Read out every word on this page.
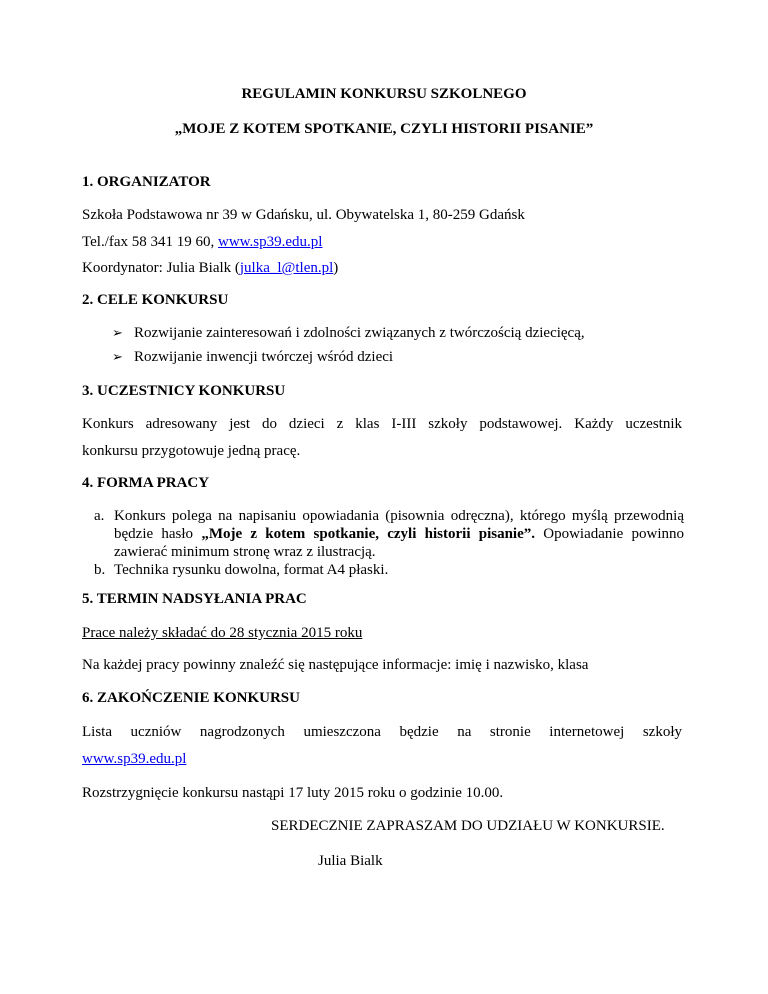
REGULAMIN KONKURSU SZKOLNEGO
„MOJE Z KOTEM SPOTKANIE, CZYLI HISTORII PISANIE”
1. ORGANIZATOR
Szkoła Podstawowa nr 39 w Gdańsku, ul. Obywatelska 1, 80-259 Gdańsk
Tel./fax 58 341 19 60, www.sp39.edu.pl
Koordynator: Julia Bialk (julka_l@tlen.pl)
2. CELE KONKURSU
➢ Rozwijanie zainteresowań i zdolności związanych z twórczością dziecięcą,
➢ Rozwijanie inwencji twórczej wśród dzieci
3. UCZESTNICY KONKURSU
Konkurs adresowany jest do dzieci z klas I-III szkoły podstawowej. Każdy uczestnik
konkursu przygotowuje jedną pracę.
4. FORMA PRACY
a. Konkurs polega na napisaniu opowiadania (pisownia odręczna), którego myślą przewodnią będzie hasło „Moje z kotem spotkanie, czyli historii pisanie”. Opowiadanie powinno zawierać minimum stronę wraz z ilustracją.
b. Technika rysunku dowolna, format A4 płaski.
5. TERMIN NADSYŁANIA PRAC
Prace należy składać do 28 stycznia 2015 roku
Na każdej pracy powinny znaleźć się następujące informacje: imię i nazwisko, klasa
6. ZAKOŃCZENIE KONKURSU
Lista uczniów nagrodzonych umieszczona będzie na stronie internetowej szkoły
www.sp39.edu.pl
Rozstrzygnięcie konkursu nastąpi 17 luty 2015 roku o godzinie 10.00.
SERDECZNIE ZAPRASZAM DO UDZIAŁU W KONKURSIE.
Julia Bialk
